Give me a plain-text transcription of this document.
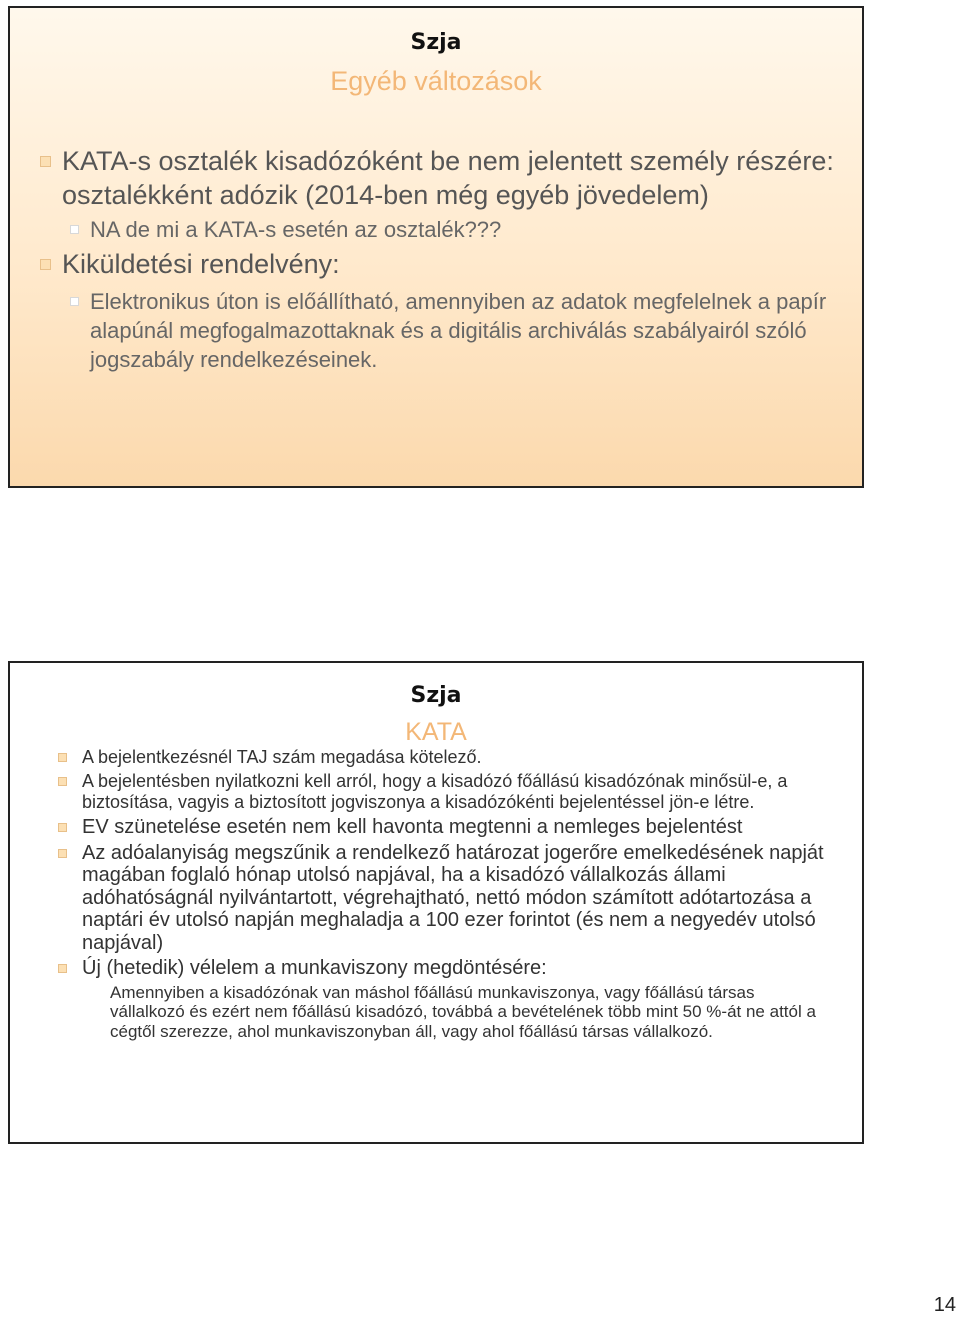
Szja
Egyéb változások
KATA-s osztalék kisadózóként be nem jelentett személy részére: osztalékként adózik (2014-ben még egyéb jövedelem)
NA de mi a KATA-s esetén az osztalék???
Kiküldetési rendelvény:
Elektronikus úton is előállítható, amennyiben az adatok megfelelnek a papír alapúnál megfogalmazottaknak és a digitális archiválás szabályairól szóló jogszabály rendelkezéseinek.
Szja
KATA
A bejelentkezésnél TAJ szám megadása kötelező.
A bejelentésben nyilatkozni kell arról, hogy a kisadózó főállású kisadózónak minősül-e, a biztosítása, vagyis a biztosított jogviszonya a kisadózókénti bejelentéssel jön-e létre.
EV szünetelése esetén nem kell havonta megtenni a nemleges bejelentést
Az adóalanyiság megszűnik a rendelkező határozat jogerőre emelkedésének napját magában foglaló hónap utolsó napjával, ha a kisadózó vállalkozás állami adóhatóságnál nyilvántartott, végrehajtható, nettó módon számított adótartozása a naptári év utolsó napján meghaladja a 100 ezer forintot (és nem a negyedév utolsó napjával)
Új (hetedik) vélelem a munkaviszony megdöntésére:
Amennyiben a kisadózónak van máshol főállású munkaviszonya, vagy főállású társas vállalkozó és ezért nem főállású kisadózó, továbbá a bevételének több mint 50 %-át ne attól a cégtől szerezze, ahol munkaviszonyban áll, vagy ahol főállású társas vállalkozó.
14
